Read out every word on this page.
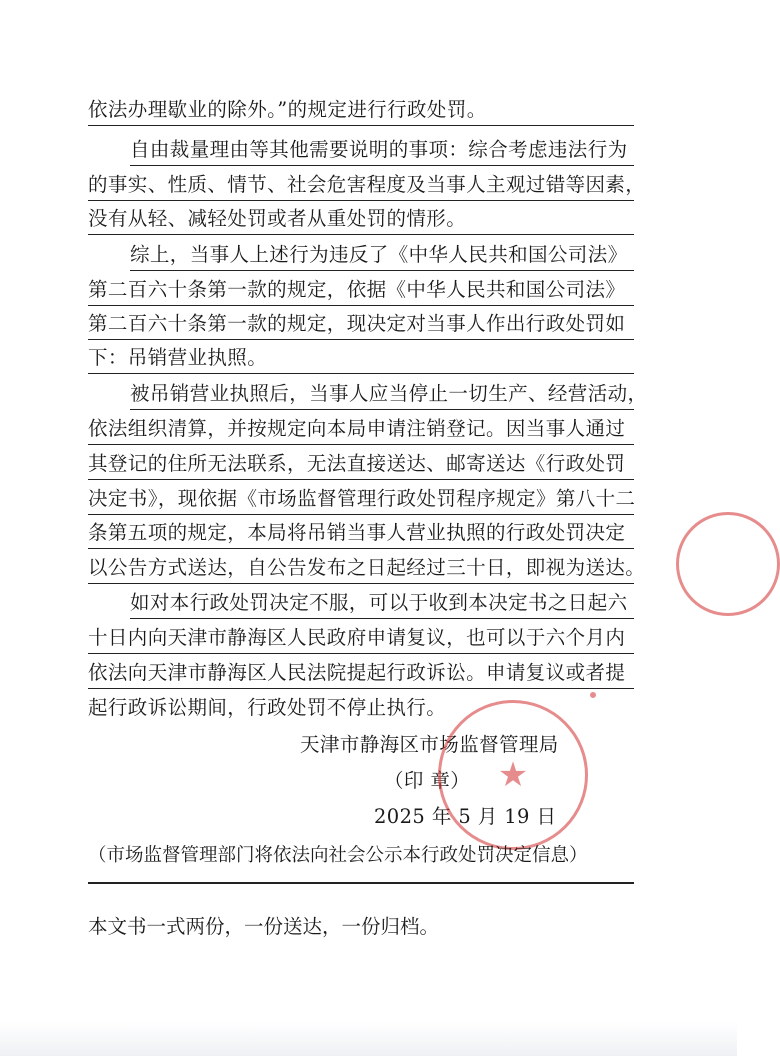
依法办理歇业的除外。”的规定进行行政处罚。
自由裁量理由等其他需要说明的事项：综合考虑违法行为
的事实、性质、情节、社会危害程度及当事人主观过错等因素，
没有从轻、减轻处罚或者从重处罚的情形。
综上，当事人上述行为违反了《中华人民共和国公司法》
第二百六十条第一款的规定，依据《中华人民共和国公司法》
第二百六十条第一款的规定，现决定对当事人作出行政处罚如
下：吊销营业执照。
被吊销营业执照后，当事人应当停止一切生产、经营活动，
依法组织清算，并按规定向本局申请注销登记。因当事人通过
其登记的住所无法联系，无法直接送达、邮寄送达《行政处罚
决定书》，现依据《市场监督管理行政处罚程序规定》第八十二
条第五项的规定，本局将吊销当事人营业执照的行政处罚决定
以公告方式送达，自公告发布之日起经过三十日，即视为送达。
如对本行政处罚决定不服，可以于收到本决定书之日起六
十日内向天津市静海区人民政府申请复议，也可以于六个月内
依法向天津市静海区人民法院提起行政诉讼。申请复议或者提
起行政诉讼期间，行政处罚不停止执行。
天津市静海区市场监督管理局
（印 章）
2025 年 5 月 19 日
★
（市场监督管理部门将依法向社会公示本行政处罚决定信息）
本文书一式两份，一份送达，一份归档。
